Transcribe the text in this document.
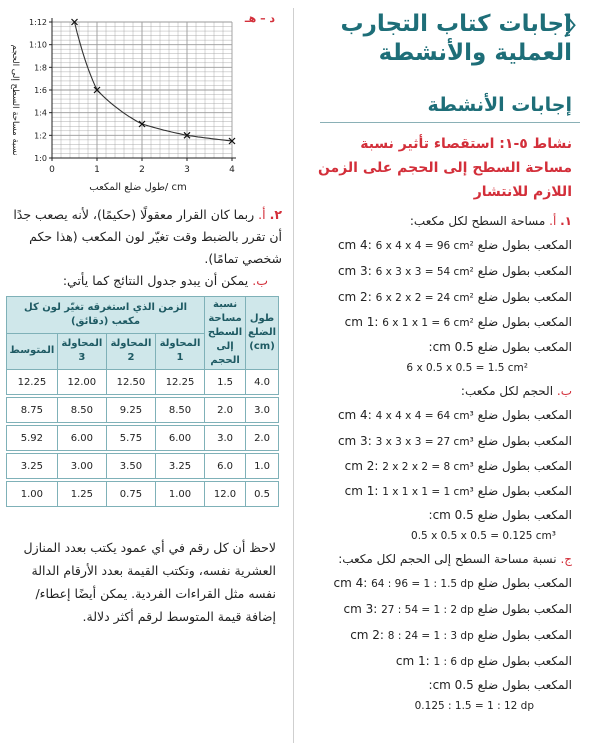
〈
إجابات كتاب التجارب العملية والأنشطة
إجابات الأنشطة
نشاط ٥-١: استقصاء تأثير نسبة مساحة السطح إلى الحجم على الزمن اللازم للانتشار
١. أ. مساحة السطح لكل مكعب:
المكعب بطول ضلع cm 4: 6 x 4 x 4 = 96 cm²
المكعب بطول ضلع cm 3: 6 x 3 x 3 = 54 cm²
المكعب بطول ضلع cm 2: 6 x 2 x 2 = 24 cm²
المكعب بطول ضلع cm 1: 6 x 1 x 1 = 6 cm²
المكعب بطول ضلع cm 0.5:
6 x 0.5 x 0.5 = 1.5 cm²
ب. الحجم لكل مكعب:
المكعب بطول ضلع cm 4: 4 x 4 x 4 = 64 cm³
المكعب بطول ضلع cm 3: 3 x 3 x 3 = 27 cm³
المكعب بطول ضلع cm 2: 2 x 2 x 2 = 8 cm³
المكعب بطول ضلع cm 1: 1 x 1 x 1 = 1 cm³
المكعب بطول ضلع cm 0.5:
0.5 x 0.5 x 0.5 = 0.125 cm³
ج. نسبة مساحة السطح إلى الحجم لكل مكعب:
المكعب بطول ضلع cm 4: 64 : 96 = 1 : 1.5 dp
المكعب بطول ضلع cm 3: 27 : 54 = 1 : 2 dp
المكعب بطول ضلع cm 2: 8 : 24 = 1 : 3 dp
المكعب بطول ضلع cm 1: 1 : 6 dp
المكعب بطول ضلع cm 0.5:
0.125 : 1.5 = 1 : 12 dp
0	1	2	3	4
1:0
1:2
1:4
1:6
1:8
1:10
1:12
نسبة مساحة السطح إلى الحجم
طول ضلع المكعب/ cm
د – هـ
٢. أ. ربما كان القرار معقولًا (حكيمًا)، لأنه يصعب جدًا أن تقرر بالضبط وقت تغيّر لون المكعب (هذا حكم شخصي تمامًا).
ب. يمكن أن يبدو جدول النتائج كما يأتي:
طول الضلع (cm)	نسبة مساحة السطح إلى الحجم	الزمن الذي استغرقه تغيّر لون كل مكعب (دقائق)			
		المحاولة 1	المحاولة 2	المحاولة 3	المتوسط
4.0	1.5	12.25	12.50	12.00	12.25

3.0	2.0	8.50	9.25	8.50	8.75

2.0	3.0	6.00	5.75	6.00	5.92

1.0	6.0	3.25	3.50	3.00	3.25

0.5	12.0	1.00	0.75	1.25	1.00
لاحظ أن كل رقم في أي عمود يكتب بعدد المنازل العشرية نفسه، وتكتب القيمة بعدد الأرقام الدالة نفسه مثل القراءات الفردية. يمكن أيضًا إعطاء/إضافة قيمة المتوسط لرقم أكثر دلالة.
